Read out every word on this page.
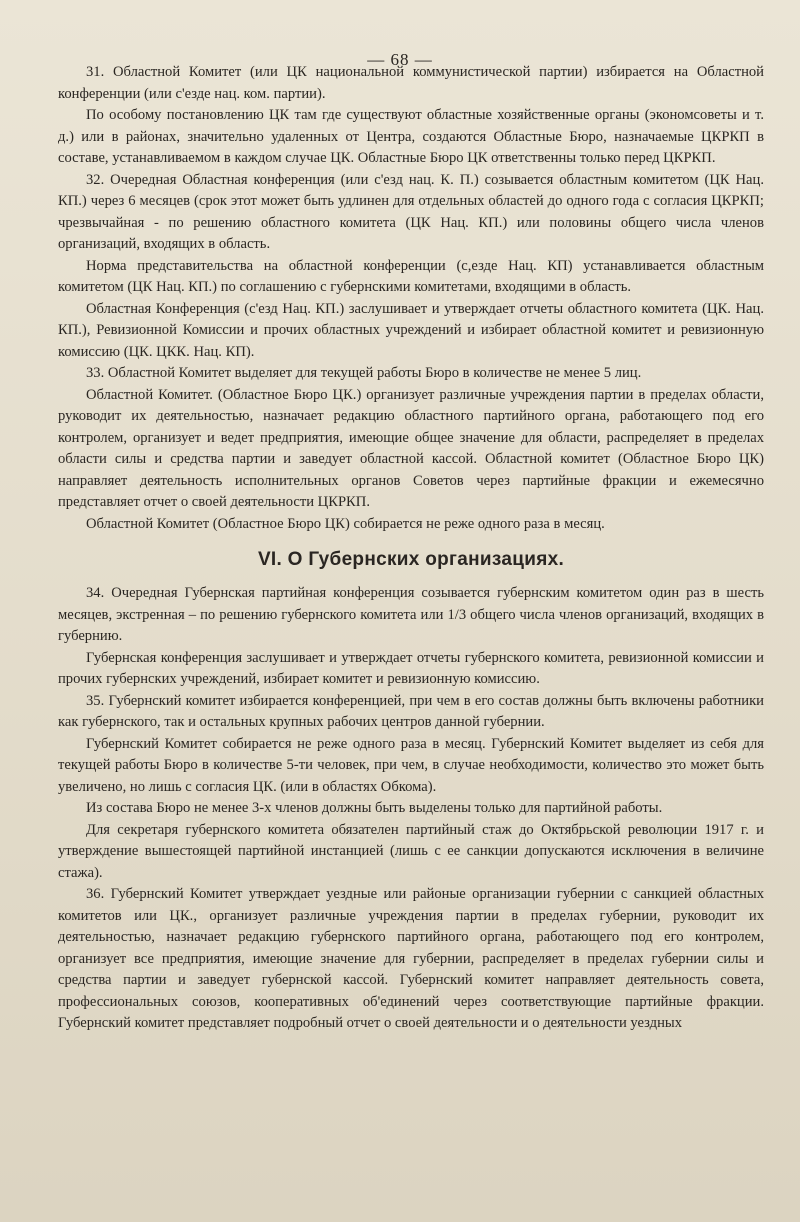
— 68 —

31. Областной Комитет (или ЦК национальной коммунистической партии) избирается на Областной конференции (или с'езде нац. ком. партии).

По особому постановлению ЦК там где существуют областные хозяйственные органы (экономсоветы и т. д.) или в районах, значительно удаленных от Центра, создаются Областные Бюро, назначаемые ЦКРКП в составе, устанавливаемом в каждом случае ЦК. Областные Бюро ЦК ответственны только перед ЦКРКП.

32. Очередная Областная конференция (или с'езд нац. К. П.) созывается областным комитетом (ЦК Нац. КП.) через 6 месяцев (срок этот может быть удлинен для отдельных областей до одного года с согласия ЦКРКП; чрезвычайная - по решению областного комитета (ЦК Нац. КП.) или половины общего числа членов организаций, входящих в область.

Норма представительства на областной конференции (с,езде Нац. КП) устанавливается областным комитетом (ЦК Нац. КП.) по соглашению с губернскими комитетами, входящими в область.

Областная Конференция (с'езд Нац. КП.) заслушивает и утверждает отчеты областного комитета (ЦК. Нац. КП.), Ревизионной Комиссии и прочих областных учреждений и избирает областной комитет и ревизионную комиссию (ЦК. ЦКК. Нац. КП).

33. Областной Комитет выделяет для текущей работы Бюро в количестве не менее 5 лиц.

Областной Комитет. (Областное Бюро ЦК.) организует различные учреждения партии в пределах области, руководит их деятельностью, назначает редакцию областного партийного органа, работающего под его контролем, организует и ведет предприятия, имеющие общее значение для области, распределяет в пределах области силы и средства партии и заведует областной кассой. Областной комитет (Областное Бюро ЦК) направляет деятельность исполнительных органов Советов через партийные фракции и ежемесячно представляет отчет о своей деятельности ЦКРКП.

Областной Комитет (Областное Бюро ЦК) собирается не реже одного раза в месяц.

VI. О Губернских организациях.

34. Очередная Губернская партийная конференция созывается губернским комитетом один раз в шесть месяцев, экстренная – по решению губернского комитета или 1/3 общего числа членов организаций, входящих в губернию.

Губернская конференция заслушивает и утверждает отчеты губернского комитета, ревизионной комиссии и прочих губернских учреждений, избирает комитет и ревизионную комиссию.

35. Губернский комитет избирается конференцией, при чем в его состав должны быть включены работники как губернского, так и остальных крупных рабочих центров данной губернии.

Губернский Комитет собирается не реже одного раза в месяц. Губернский Комитет выделяет из себя для текущей работы Бюро в количестве 5-ти человек, при чем, в случае необходимости, количество это может быть увеличено, но лишь с согласия ЦК. (или в областях Обкома).

Из состава Бюро не менее 3-х членов должны быть выделены только для партийной работы.

Для секретаря губернского комитета обязателен партийный стаж до Октябрьской революции 1917 г. и утверждение вышестоящей партийной инстанцией (лишь с ее санкции допускаются исключения в величине стажа).

36. Губернский Комитет утверждает уездные или районые организации губернии с санкцией областных комитетов или ЦК., организует различные учреждения партии в пределах губернии, руководит их деятельностью, назначает редакцию губернского партийного органа, работающего под его контролем, организует все предприятия, имеющие значение для губернии, распределяет в пределах губернии силы и средства партии и заведует губернской кассой. Губернский комитет направляет деятельность совета, профессиональных союзов, кооперативных об'единений через соответствующие партийные фракции. Губернский комитет представляет подробный отчет о своей деятельности и о деятельности уездных
